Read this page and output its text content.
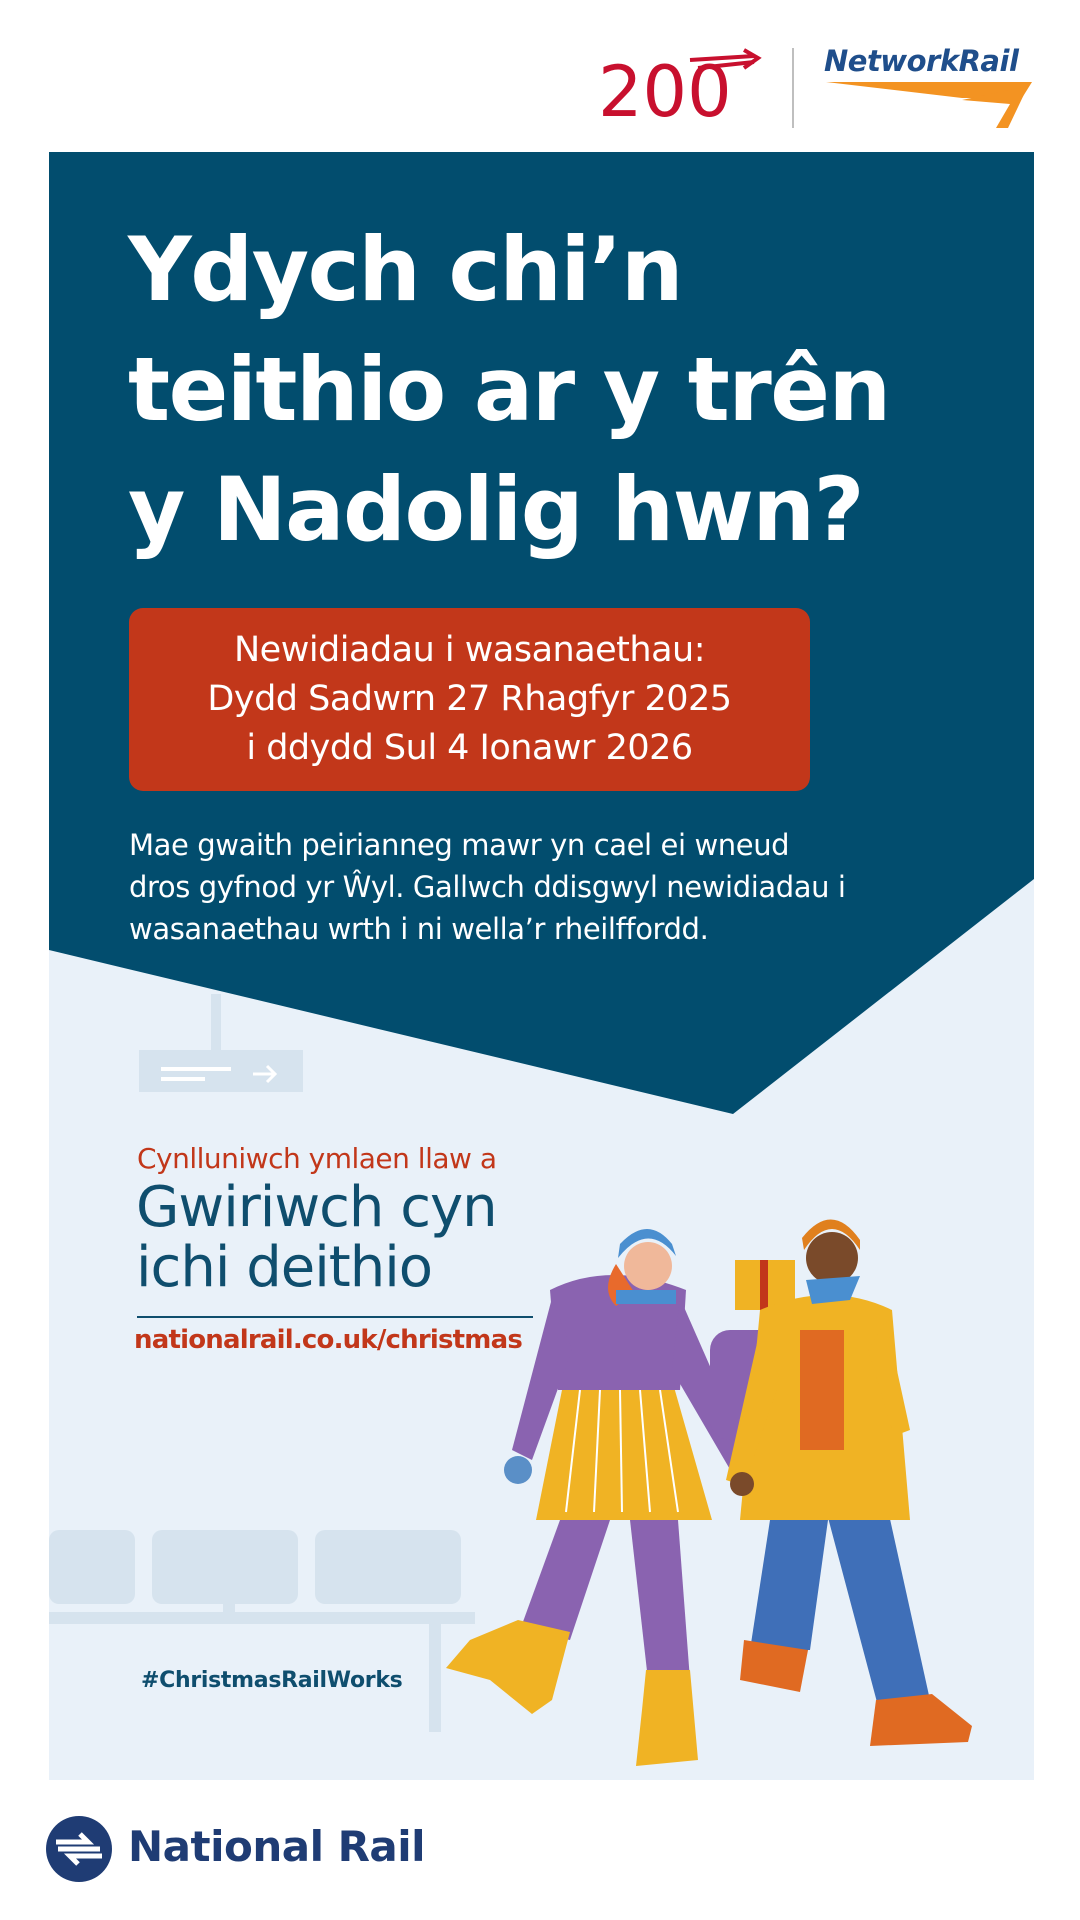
200	NetworkRail
Ydych chi’n
teithio ar y trên
y Nadolig hwn?
Newidiadau i wasanaethau:
Dydd Sadwrn 27 Rhagfyr 2025
i ddydd Sul 4 Ionawr 2026
Mae gwaith peirianneg mawr yn cael ei wneud
dros gyfnod yr Ŵyl. Gallwch ddisgwyl newidiadau i
wasanaethau wrth i ni wella’r rheilffordd.
Cynlluniwch ymlaen llaw a
Gwiriwch cyn
ichi deithio
nationalrail.co.uk/christmas
#ChristmasRailWorks
National Rail
